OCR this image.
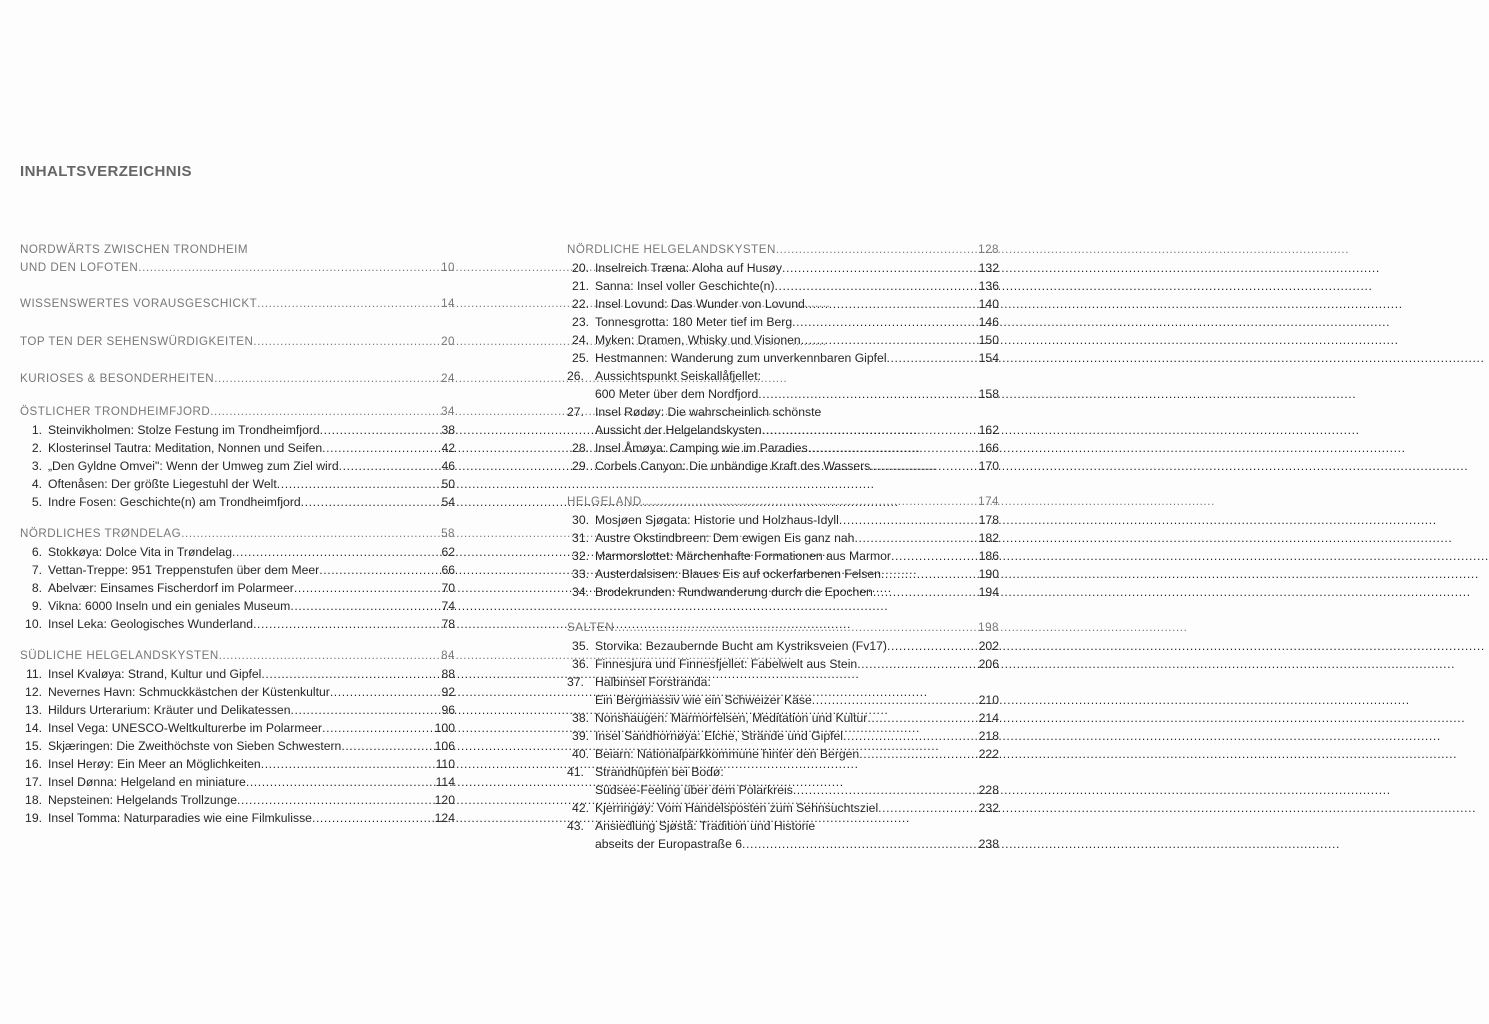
INHALTSVERZEICHNIS
NORDWÄRTS ZWISCHEN TRONDHEIM
UND DEN LOFOTEN .....	10
WISSENSWERTES VORAUSGESCHICKT .....	14
TOP TEN DER SEHENSWÜRDIGKEITEN .....	20
KURIOSES & BESONDERHEITEN .....	24
ÖSTLICHER TRONDHEIMFJORD .....	34
1. Steinvikholmen: Stolze Festung im Trondheimfjord .....	38
2. Klosterinsel Tautra: Meditation, Nonnen und Seifen .....	42
3. „Den Gyldne Omvei": Wenn der Umweg zum Ziel wird .....	46
4. Oftenåsen: Der größte Liegestuhl der Welt .....	50
5. Indre Fosen: Geschichte(n) am Trondheimfjord .....	54
NÖRDLICHES TRØNDELAG .....	58
6. Stokkøya: Dolce Vita in Trøndelag .....	62
7. Vettan-Treppe: 951 Treppenstufen über dem Meer .....	66
8. Abelvær: Einsames Fischerdorf im Polarmeer .....	70
9. Vikna: 6000 Inseln und ein geniales Museum .....	74
10. Insel Leka: Geologisches Wunderland .....	78
SÜDLICHE HELGELANDSKYSTEN .....	84
11. Insel Kvaløya: Strand, Kultur und Gipfel .....	88
12. Nevernes Havn: Schmuckkästchen der Küstenkultur .....	92
13. Hildurs Urterarium: Kräuter und Delikatessen .....	96
14. Insel Vega: UNESCO-Weltkulturerbe im Polarmeer .....	100
15. Skjæringen: Die Zweithöchste von Sieben Schwestern .....	106
16. Insel Herøy: Ein Meer an Möglichkeiten .....	110
17. Insel Dønna: Helgeland en miniature .....	114
18. Nepsteinen: Helgelands Trollzunge .....	120
19. Insel Tomma: Naturparadies wie eine Filmkulisse .....	124
NÖRDLICHE HELGELANDSKYSTEN .....	128
20. Inselreich Træna: Aloha auf Husøy .....	132
21. Sanna: Insel voller Geschichte(n) .....	136
22. Insel Lovund: Das Wunder von Lovund .....	140
23. Tonnesgrotta: 180 Meter tief im Berg .....	146
24. Myken: Dramen, Whisky und Visionen .....	150
25. Hestmannen: Wanderung zum unverkennbaren Gipfel .....	154
26. Aussichtspunkt Seiskallåfjellet:
600 Meter über dem Nordfjord .....	158
27. Insel Rødøy: Die wahrscheinlich schönste
Aussicht der Helgelandskysten .....	162
28. Insel Åmøya: Camping wie im Paradies .....	166
29. Corbels Canyon: Die unbändige Kraft des Wassers .....	170
HELGELAND .....	174
30. Mosjøen Sjøgata: Historie und Holzhaus-Idyll .....	178
31. Austre Okstindbreen: Dem ewigen Eis ganz nah .....	182
32. Marmorslottet: Märchenhafte Formationen aus Marmor .....	186
33. Austerdalsisen: Blaues Eis auf ockerfarbenen Felsen .....	190
34. Brodekrunden: Rundwanderung durch die Epochen .....	194
SALTEN .....	198
35. Storvika: Bezaubernde Bucht am Kystriksveien (Fv17) .....	202
36. Finnesjura und Finnesfjellet: Fabelwelt aus Stein .....	206
37. Halbinsel Forstranda:
Ein Bergmassiv wie ein Schweizer Käse .....	210
38. Nonshaugen: Marmorfelsen, Meditation und Kultur .....	214
39. Insel Sandhornøya: Elche, Strände und Gipfel .....	218
40. Beiarn: Nationalparkkommune hinter den Bergen .....	222
41. Strandhüpfen bei Bodø:
Südsee-Feeling über dem Polarkreis .....	228
42. Kjerringøy: Vom Handelsposten zum Sehnsuchtsziel .....	232
43. Ansiedlung Sjøstå: Tradition und Historie
abseits der Europastraße 6 .....	238
